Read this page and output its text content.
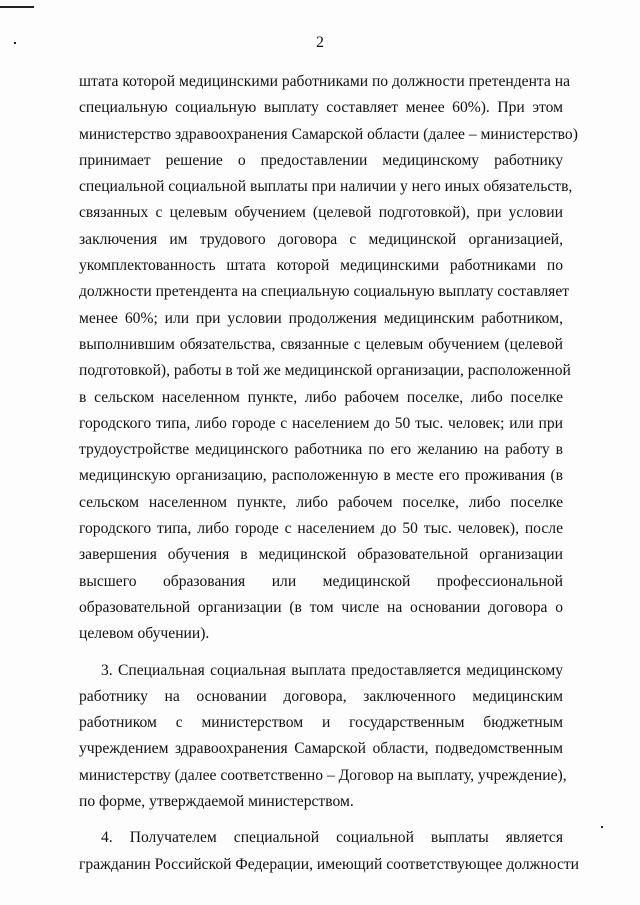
2
штата которой медицинскими работниками по должности претендента на
специальную социальную выплату составляет менее 60%). При этом
министерство здравоохранения Самарской области (далее – министерство)
принимает решение о предоставлении медицинскому работнику
специальной социальной выплаты при наличии у него иных обязательств,
связанных с целевым обучением (целевой подготовкой), при условии
заключения им трудового договора с медицинской организацией,
укомплектованность штата которой медицинскими работниками по
должности претендента на специальную социальную выплату составляет
менее 60%; или при условии продолжения медицинским работником,
выполнившим обязательства, связанные с целевым обучением (целевой
подготовкой), работы в той же медицинской организации, расположенной
в сельском населенном пункте, либо рабочем поселке, либо поселке
городского типа, либо городе с населением до 50 тыс. человек; или при
трудоустройстве медицинского работника по его желанию на работу в
медицинскую организацию, расположенную в месте его проживания (в
сельском населенном пункте, либо рабочем поселке, либо поселке
городского типа, либо городе с населением до 50 тыс. человек), после
завершения обучения в медицинской образовательной организации
высшего образования или медицинской профессиональной
образовательной организации (в том числе на основании договора о
целевом обучении).
3. Специальная социальная выплата предоставляется медицинскому
работнику на основании договора, заключенного медицинским
работником с министерством и государственным бюджетным
учреждением здравоохранения Самарской области, подведомственным
министерству (далее соответственно – Договор на выплату, учреждение),
по форме, утверждаемой министерством.
4. Получателем специальной социальной выплаты является
гражданин Российской Федерации, имеющий соответствующее должности
